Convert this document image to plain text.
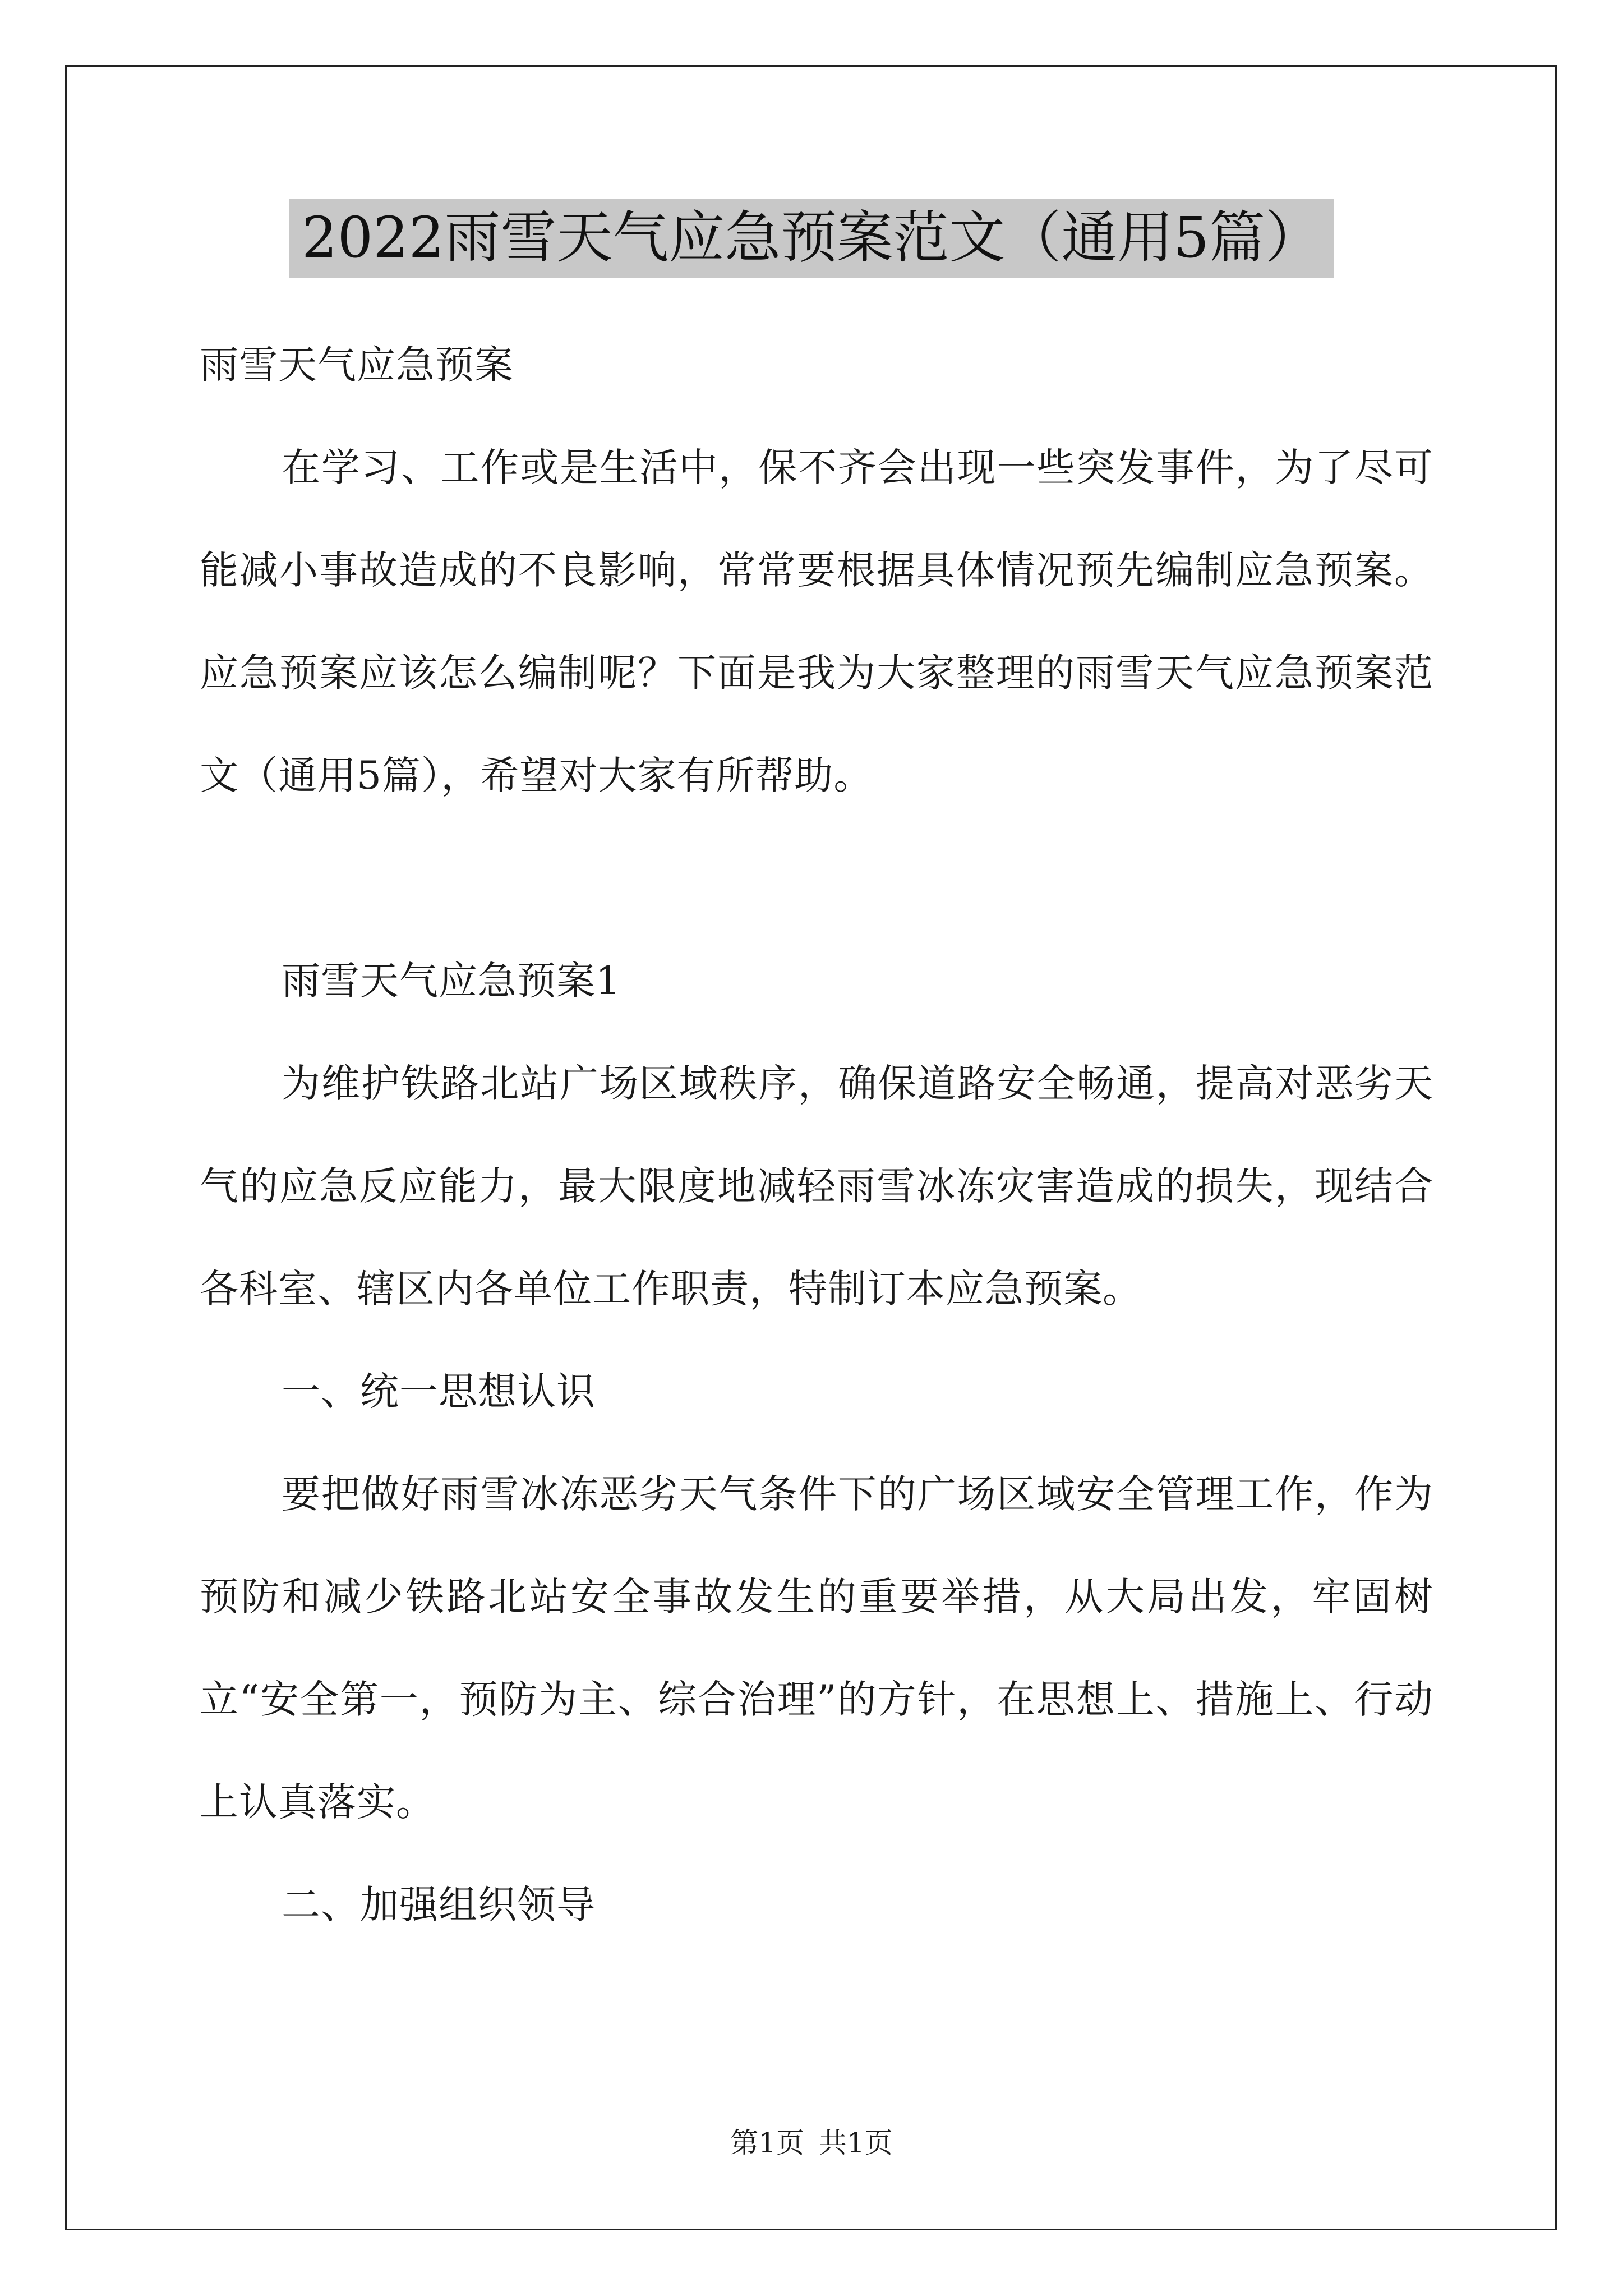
2022雨雪天气应急预案范文（通用5篇）

雨雪天气应急预案

在学习、工作或是生活中，保不齐会出现一些突发事件，为了尽可能减小事故造成的不良影响，常常要根据具体情况预先编制应急预案。应急预案应该怎么编制呢？下面是我为大家整理的雨雪天气应急预案范文（通用5篇），希望对大家有所帮助。

雨雪天气应急预案1

为维护铁路北站广场区域秩序，确保道路安全畅通，提高对恶劣天气的应急反应能力，最大限度地减轻雨雪冰冻灾害造成的损失，现结合各科室、辖区内各单位工作职责，特制订本应急预案。

一、统一思想认识

要把做好雨雪冰冻恶劣天气条件下的广场区域安全管理工作，作为预防和减少铁路北站安全事故发生的重要举措，从大局出发，牢固树立“安全第一，预防为主、综合治理”的方针，在思想上、措施上、行动上认真落实。

二、加强组织领导

第1页 共1页
